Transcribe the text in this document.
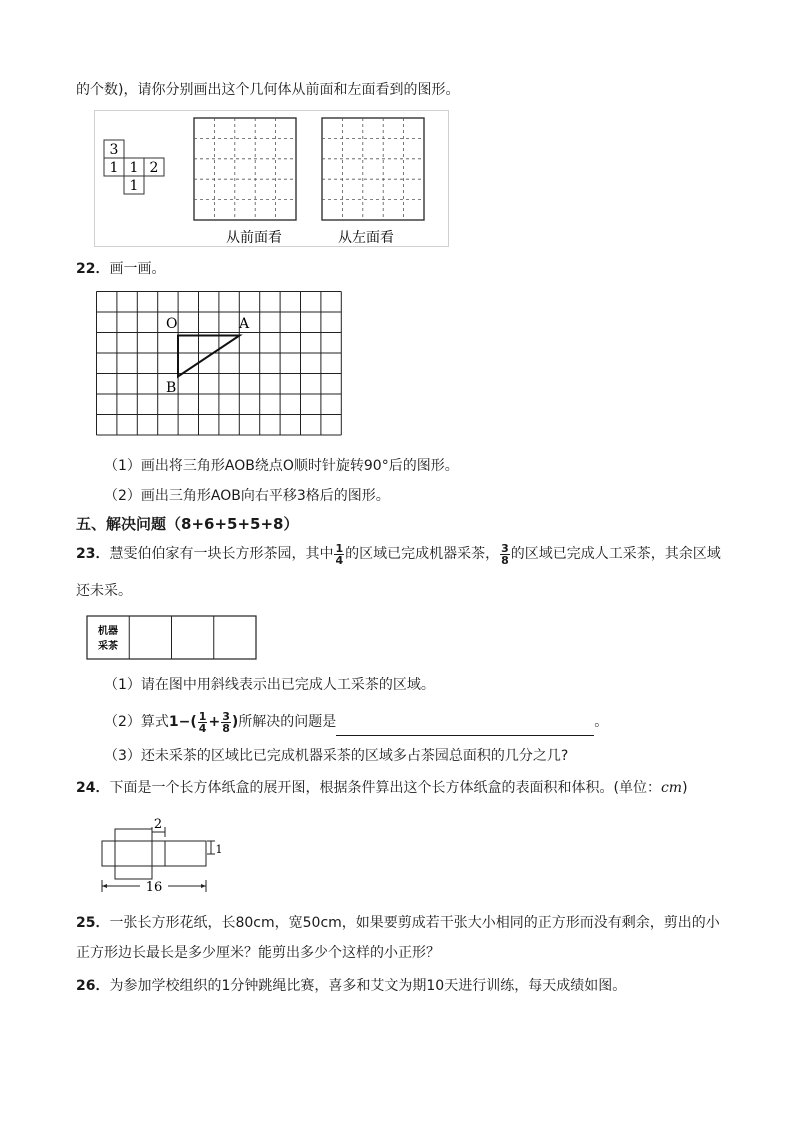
的个数)，请你分别画出这个几何体从前面和左面看到的图形。
3
1 1 2
1
从前面看	从左面看
22．画一画。
O	A
B
（1）画出将三角形AOB绕点O顺时针旋转90°后的图形。
（2）画出三角形AOB向右平移3格后的图形。
五、解决问题（8+6+5+5+8）
23．慧雯伯伯家有一块长方形茶园，其中 $\frac{1}{4}$ 的区域已完成机器采茶， $\frac{3}{8}$ 的区域已完成人工采茶，其余区域
还未采。
机器
采茶
（1）请在图中用斜线表示出已完成人工采茶的区域。
（2）算式$1-( \frac{1}{4} + \frac{3}{8}$ )所解决的问题是	。
（3）还未采茶的区域比已完成机器采茶的区域多占茶园总面积的几分之几?
24．下面是一个长方体纸盒的展开图，根据条件算出这个长方体纸盒的表面积和体积。(单位：cm)
2
1
16
25．一张长方形花纸，长80cm，宽50cm，如果要剪成若干张大小相同的正方形而没有剩余，剪出的小
正方形边长最长是多少厘米？能剪出多少个这样的小正形？
26．为参加学校组织的1分钟跳绳比赛，喜多和艾文为期10天进行训练，每天成绩如图。
